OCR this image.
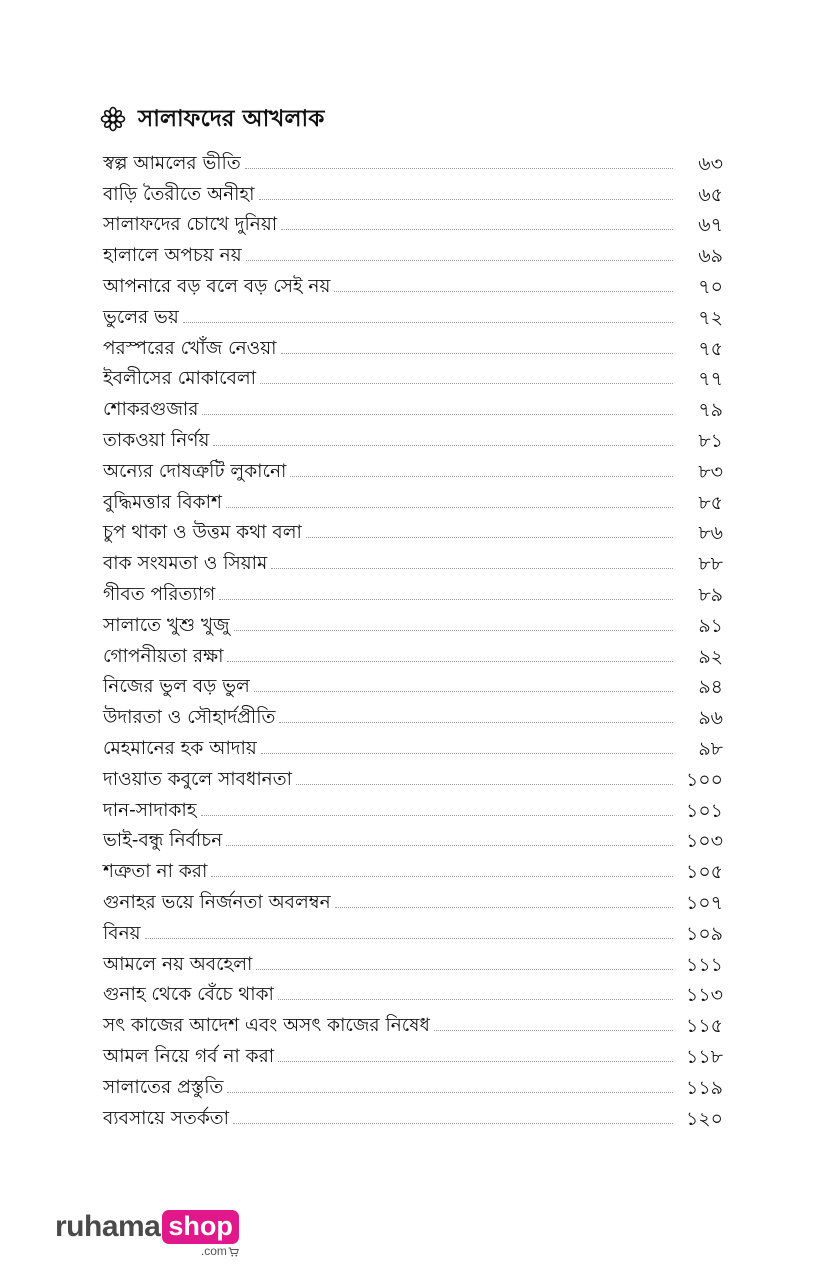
সালাফদের আখলাক
স্বল্প আমলের ভীতি	৬৩
বাড়ি তৈরীতে অনীহা	৬৫
সালাফদের চোখে দুনিয়া	৬৭
হালালে অপচয় নয়	৬৯
আপনারে বড় বলে বড় সেই নয়	৭০
ভুলের ভয়	৭২
পরস্পরের খোঁজ নেওয়া	৭৫
ইবলীসের মোকাবেলা	৭৭
শোকরগুজার	৭৯
তাকওয়া নির্ণয়	৮১
অন্যের দোষত্রুটি লুকানো	৮৩
বুদ্ধিমত্তার বিকাশ	৮৫
চুপ থাকা ও উত্তম কথা বলা	৮৬
বাক সংযমতা ও সিয়াম	৮৮
গীবত পরিত্যাগ	৮৯
সালাতে খুশু খুজু	৯১
গোপনীয়তা রক্ষা	৯২
নিজের ভুল বড় ভুল	৯৪
উদারতা ও সৌহার্দপ্রীতি	৯৬
মেহমানের হক আদায়	৯৮
দাওয়াত কবুলে সাবধানতা	১০০
দান-সাদাকাহ	১০১
ভাই-বন্ধু নির্বাচন	১০৩
শত্রুতা না করা	১০৫
গুনাহর ভয়ে নির্জনতা অবলম্বন	১০৭
বিনয়	১০৯
আমলে নয় অবহেলা	১১১
গুনাহ থেকে বেঁচে থাকা	১১৩
সৎ কাজের আদেশ এবং অসৎ কাজের নিষেধ	১১৫
আমল নিয়ে গর্ব না করা	১১৮
সালাতের প্রস্তুতি	১১৯
ব্যবসায়ে সতর্কতা	১২০
ruhama shop
.com
